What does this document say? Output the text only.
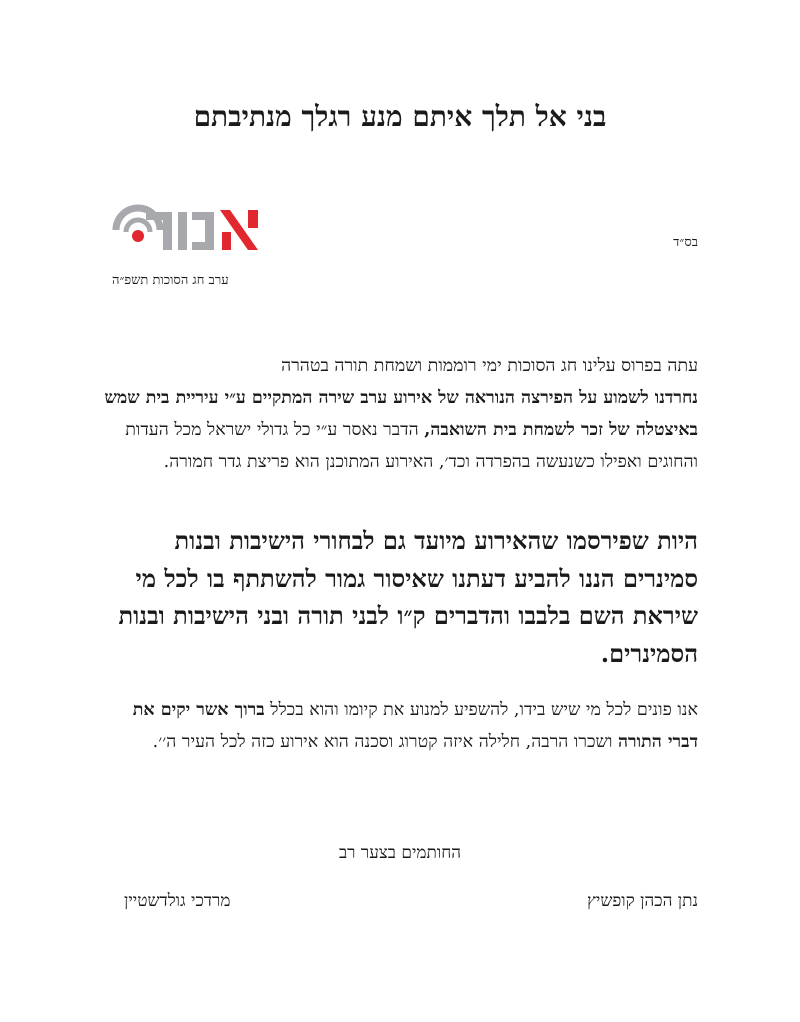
בני אל תלך איתם מנע רגלך מנתיבתם
בס״ד
ערב חג הסוכות תשפ״ה

עתה בפרוס עלינו חג הסוכות ימי רוממות ושמחת תורה בטהרה
נחרדנו לשמוע על הפירצה הנוראה של אירוע ערב שירה המתקיים ע״י עיריית בית שמש באיצטלה של זכר לשמחת בית השואבה, הדבר נאסר ע״י כל גדולי ישראל מכל העדות והחוגים ואפילו כשנעשה בהפרדה וכד׳, האירוע המתוכנן הוא פריצת גדר חמורה.

היות שפירסמו שהאירוע מיועד גם לבחורי הישיבות ובנות סמינרים הננו להביע דעתנו שאיסור גמור להשתתף בו לכל מי שיראת השם בלבבו והדברים ק״ו לבני תורה ובני הישיבות ובנות הסמינרים.

אנו פונים לכל מי שיש בידו, להשפיע למנוע את קיומו והוא בכלל ברוך אשר יקים את דברי התורה ושכרו הרבה, חלילה איזה קטרוג וסכנה הוא אירוע כזה לכל העיר ה׳׳.

החותמים בצער רב
נתן הכהן קופשיץ
מרדכי גולדשטיין
